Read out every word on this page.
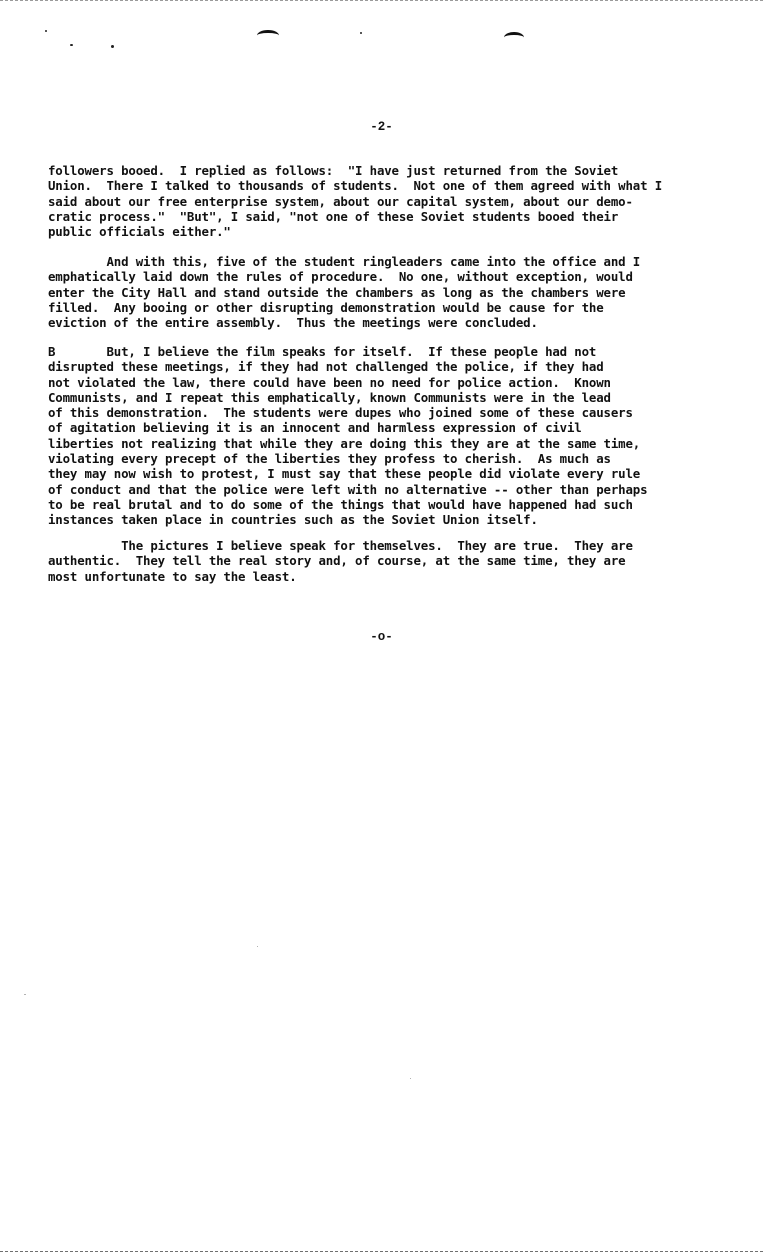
-2-
followers booed.  I replied as follows:  "I have just returned from the Soviet
Union.  There I talked to thousands of students.  Not one of them agreed with what I
said about our free enterprise system, about our capital system, about our demo-
cratic process."  "But", I said, "not one of these Soviet students booed their
public officials either."
And with this, five of the student ringleaders came into the office and I
emphatically laid down the rules of procedure.  No one, without exception, would
enter the City Hall and stand outside the chambers as long as the chambers were
filled.  Any booing or other disrupting demonstration would be cause for the
eviction of the entire assembly.  Thus the meetings were concluded.
B       But, I believe the film speaks for itself.  If these people had not
disrupted these meetings, if they had not challenged the police, if they had
not violated the law, there could have been no need for police action.  Known
Communists, and I repeat this emphatically, known Communists were in the lead
of this demonstration.  The students were dupes who joined some of these causers
of agitation believing it is an innocent and harmless expression of civil
liberties not realizing that while they are doing this they are at the same time,
violating every precept of the liberties they profess to cherish.  As much as
they may now wish to protest, I must say that these people did violate every rule
of conduct and that the police were left with no alternative -- other than perhaps
to be real brutal and to do some of the things that would have happened had such
instances taken place in countries such as the Soviet Union itself.
The pictures I believe speak for themselves.  They are true.  They are
authentic.  They tell the real story and, of course, at the same time, they are
most unfortunate to say the least.
-o-
